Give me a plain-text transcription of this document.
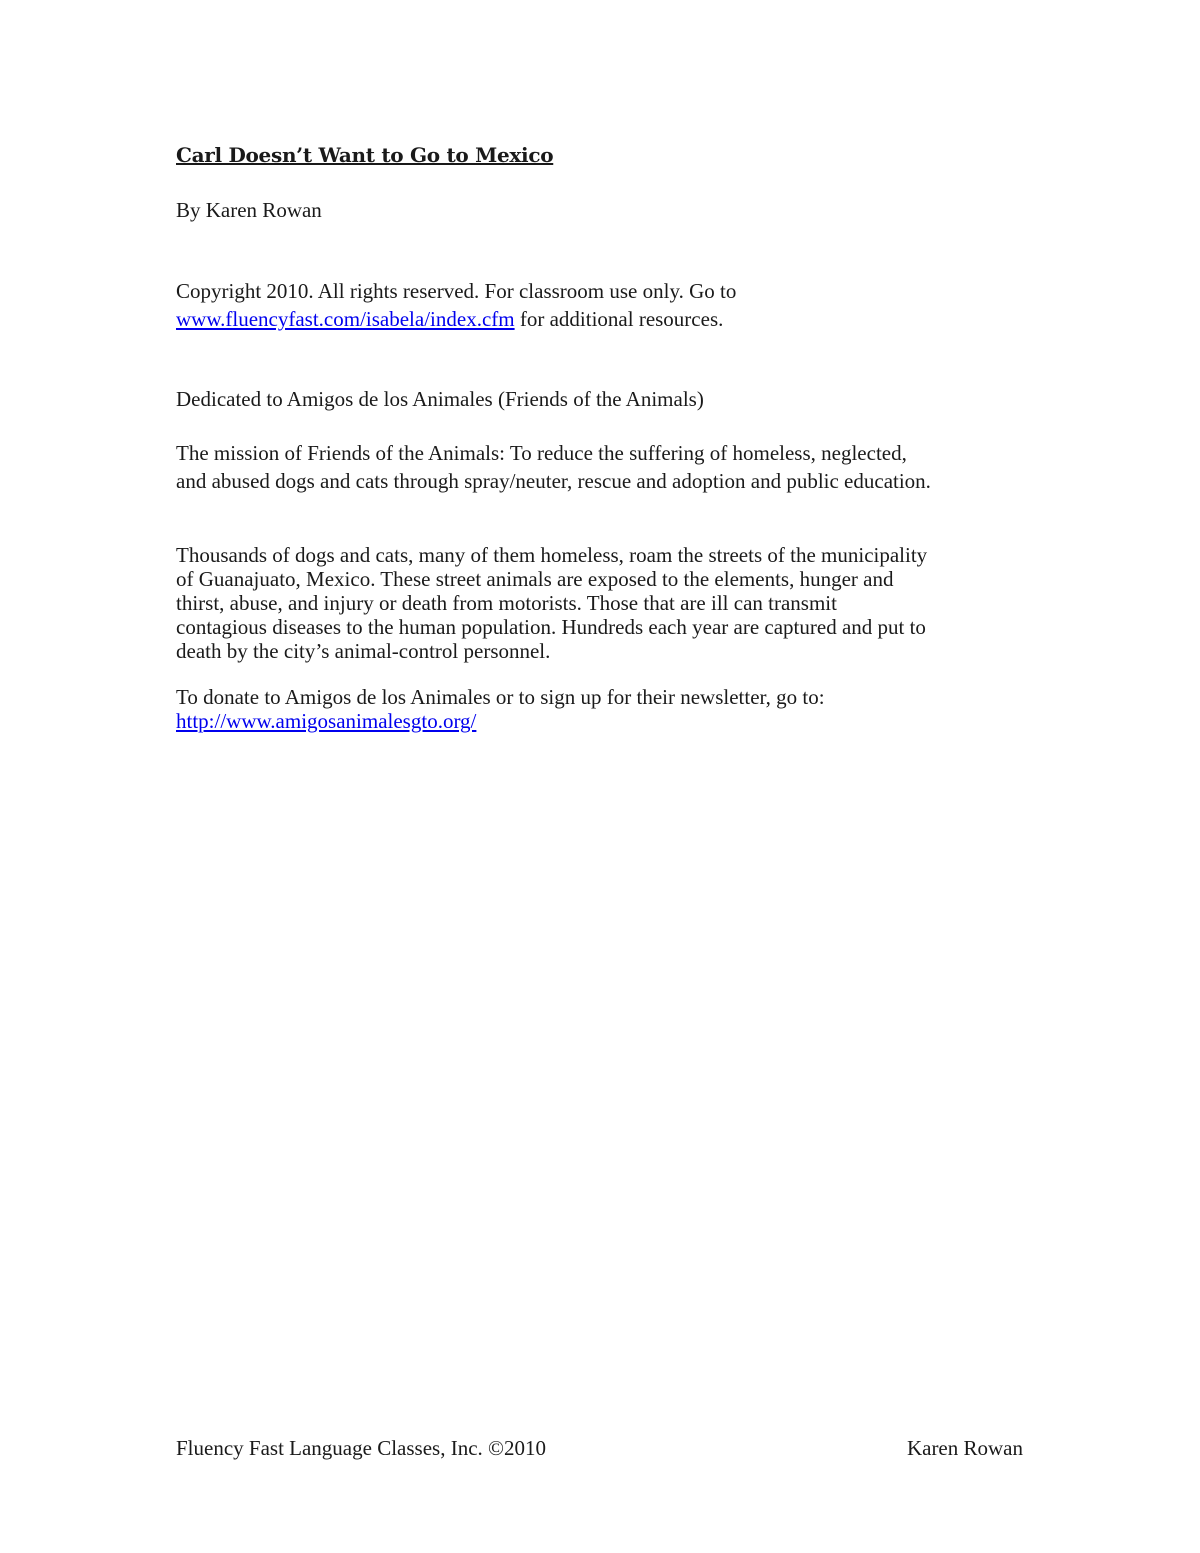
Carl Doesn’t Want to Go to Mexico
By Karen Rowan
Copyright 2010. All rights reserved. For classroom use only. Go to
www.fluencyfast.com/isabela/index.cfm for additional resources.
Dedicated to Amigos de los Animales (Friends of the Animals)
The mission of Friends of the Animals: To reduce the suffering of homeless, neglected,
and abused dogs and cats through spray/neuter, rescue and adoption and public education.
Thousands of dogs and cats, many of them homeless, roam the streets of the municipality
of Guanajuato, Mexico. These street animals are exposed to the elements, hunger and
thirst, abuse, and injury or death from motorists. Those that are ill can transmit
contagious diseases to the human population. Hundreds each year are captured and put to
death by the city’s animal-control personnel.
To donate to Amigos de los Animales or to sign up for their newsletter, go to:
http://www.amigosanimalesgto.org/
Fluency Fast Language Classes, Inc. ©2010	Karen Rowan
